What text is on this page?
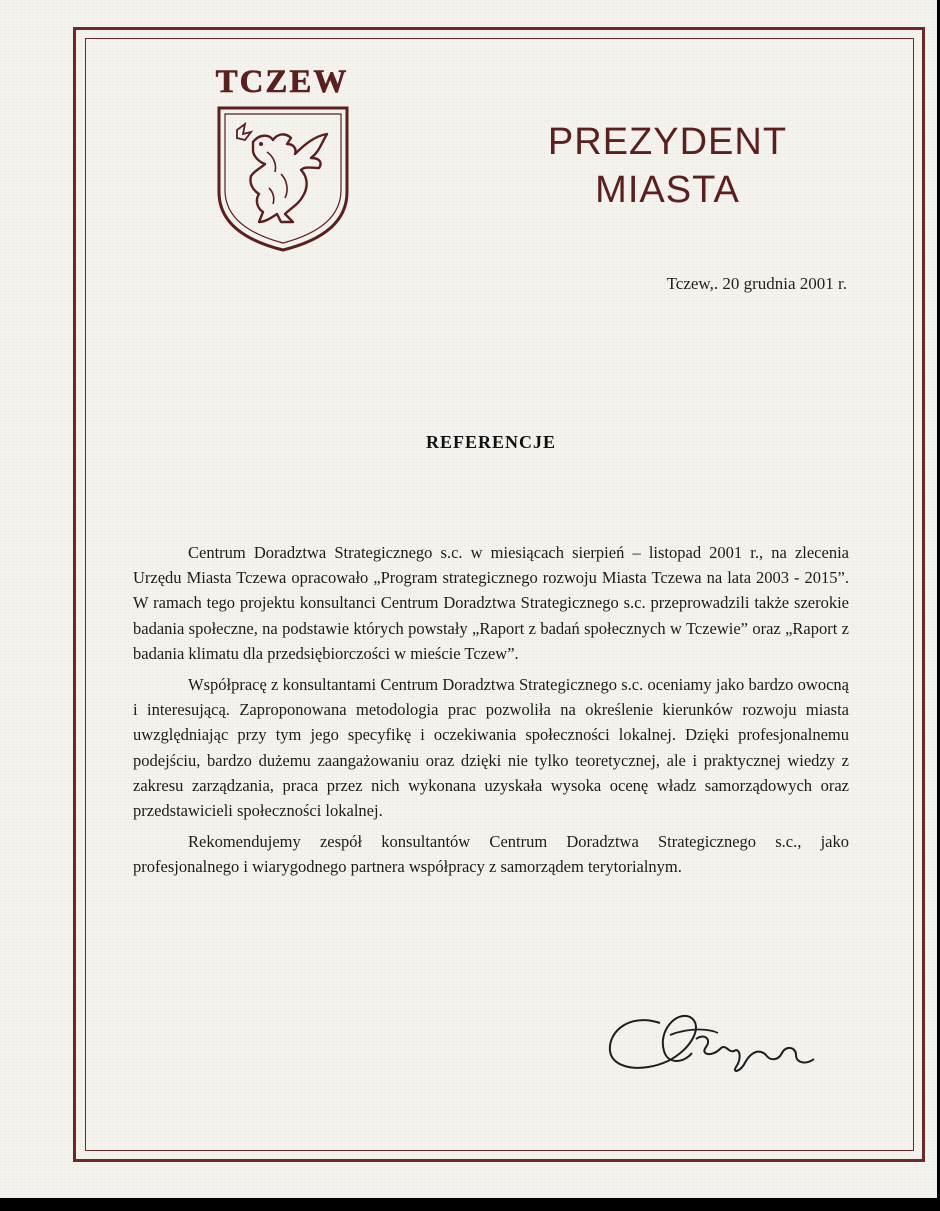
TCZEW
PREZYDENT
MIASTA
Tczew,. 20 grudnia 2001 r.
REFERENCJE

Centrum Doradztwa Strategicznego s.c. w miesiącach sierpień – listopad 2001 r., na zlecenia Urzędu Miasta Tczewa opracowało „Program strategicznego rozwoju Miasta Tczewa na lata 2003 - 2015”. W ramach tego projektu konsultanci Centrum Doradztwa Strategicznego s.c. przeprowadzili także szerokie badania społeczne, na podstawie których powstały „Raport z badań społecznych w Tczewie” oraz „Raport z badania klimatu dla przedsiębiorczości w mieście Tczew”.

Współpracę z konsultantami Centrum Doradztwa Strategicznego s.c. oceniamy jako bardzo owocną i interesującą. Zaproponowana metodologia prac pozwoliła na określenie kierunków rozwoju miasta uwzględniając przy tym jego specyfikę i oczekiwania społeczności lokalnej. Dzięki profesjonalnemu podejściu, bardzo dużemu zaangażowaniu oraz dzięki nie tylko teoretycznej, ale i praktycznej wiedzy z zakresu zarządzania, praca przez nich wykonana uzyskała wysoka ocenę władz samorządowych oraz przedstawicieli społeczności lokalnej.

Rekomendujemy zespół konsultantów Centrum Doradztwa Strategicznego s.c., jako profesjonalnego i wiarygodnego partnera współpracy z samorządem terytorialnym.
